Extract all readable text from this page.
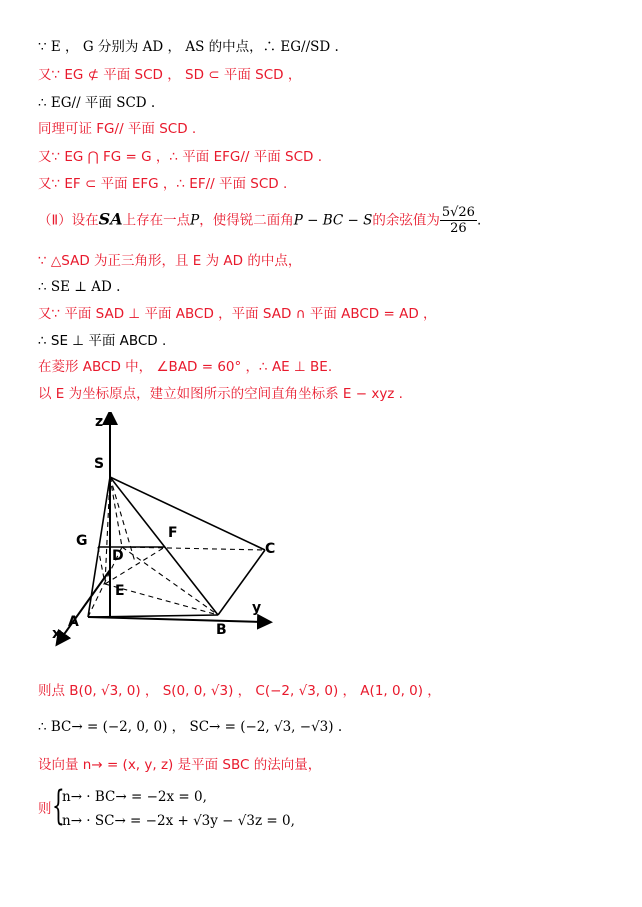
∵ E ， G 分别为 AD ， AS 的中点，∴ EG//SD .
又∵ EG ⊄ 平面 SCD ， SD ⊂ 平面 SCD ，
∴ EG// 平面 SCD .
同理可证 FG// 平面 SCD .
又∵ EG ⋂ FG = G ，∴ 平面 EFG// 平面 SCD .
又∵ EF ⊂ 平面 EFG ，∴ EF// 平面 SCD .
（Ⅱ）设在SA上存在一点P，使得锐二面角P − BC − S的余弦值为 $\frac{5√26}{26}$ .
∵ △SAD 为正三角形，且 E 为 AD 的中点，
∴ SE ⊥ AD .
又∵ 平面 SAD ⊥ 平面 ABCD ，平面 SAD ∩ 平面 ABCD = AD ，
∴ SE ⊥ 平面 ABCD .
在菱形 ABCD 中， ∠BAD = 60° ，∴ AE ⊥ BE.
以 E 为坐标原点，建立如图所示的空间直角坐标系 E − xyz .
z
S
G	F
C
D
E
y
A	B
x
则点 B(0, √3, 0) ， S(0, 0, √3) ， C(−2, √3, 0) ， A(1, 0, 0) ，
∴ BC→ = (−2, 0, 0) ， SC→ = (−2, √3, −√3) .
设向量 n→ = (x, y, z) 是平面 SBC 的法向量，
则 {
n→ · BC→ = −2x = 0,
n→ · SC→ = −2x + √3y − √3z = 0,
